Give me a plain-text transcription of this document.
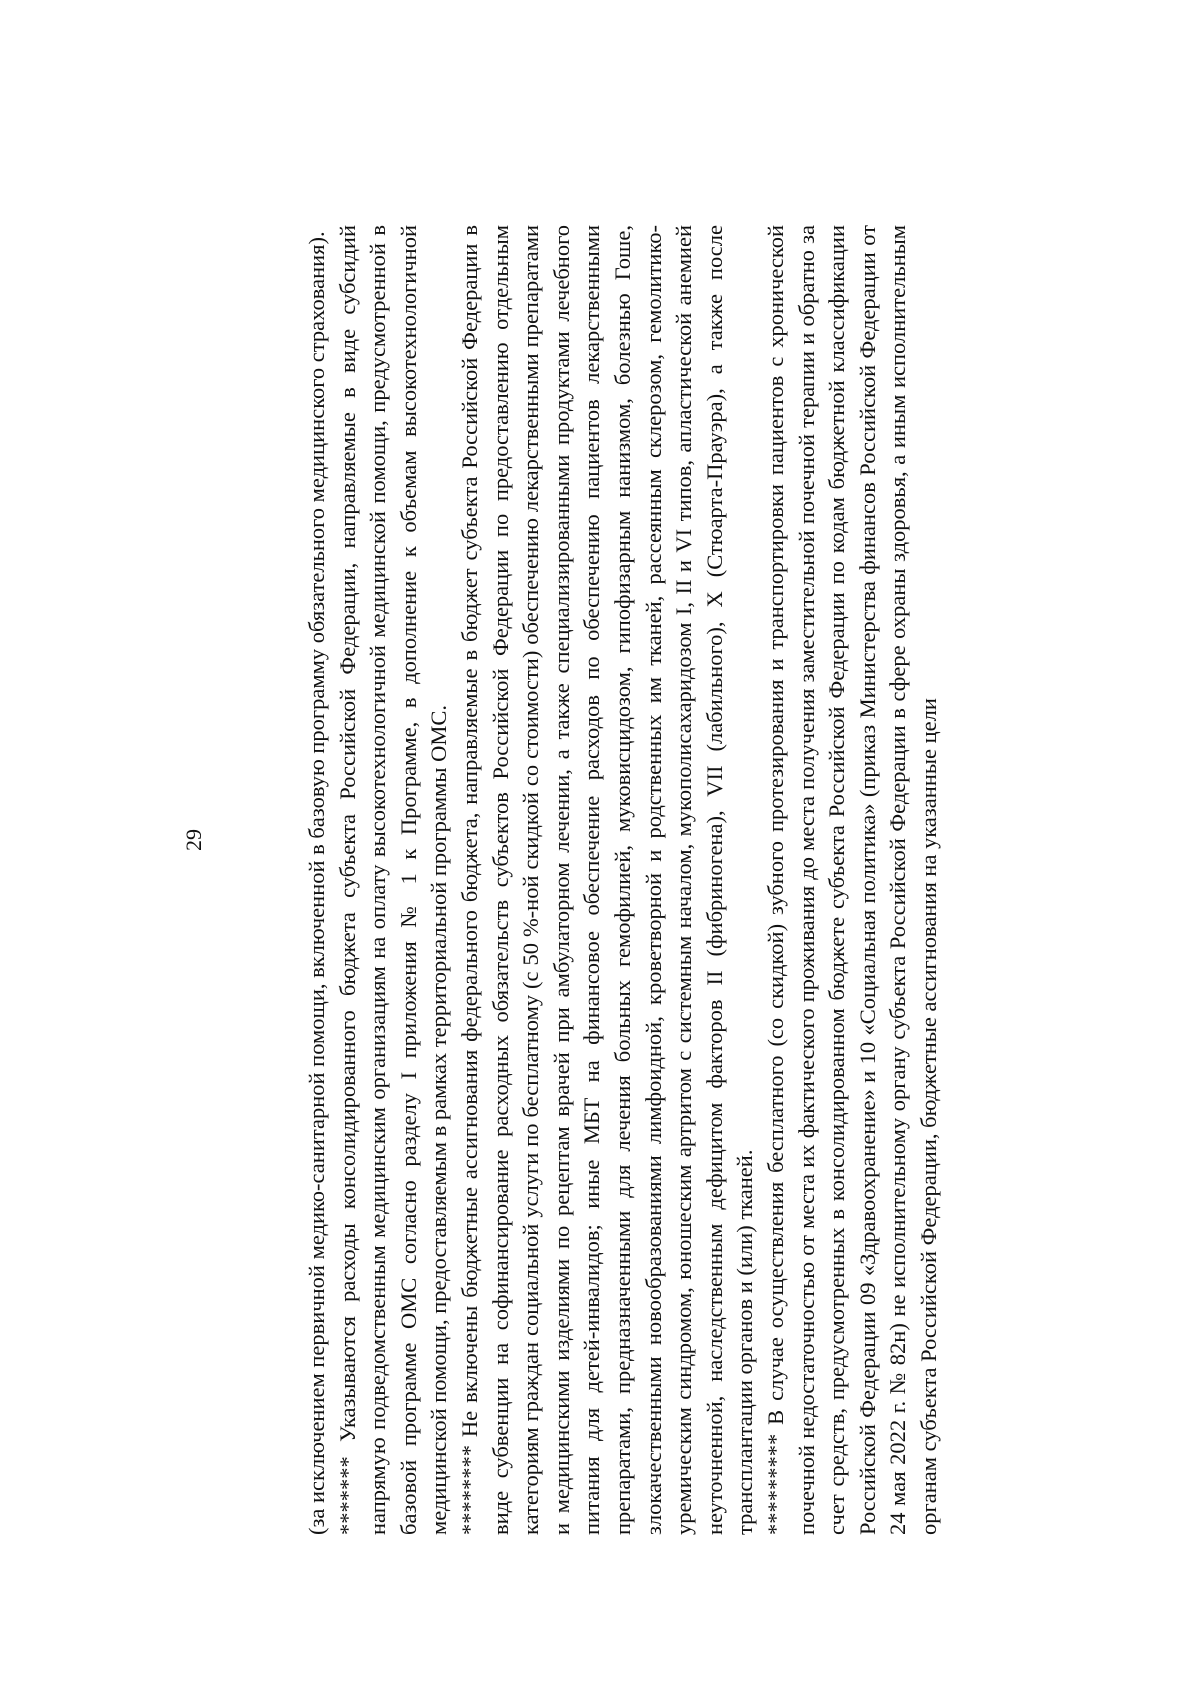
29	(за исключением первичной медико-санитарной помощи, включенной в базовую программу обязательного медицинского страхования). ******* Указываются расходы консолидированного бюджета субъекта Российской Федерации, направляемые в виде субсидий напрямую подведомственным медицинским организациям на оплату высокотехнологичной медицинской помощи, предусмотренной в базовой программе ОМС согласно разделу I приложения № 1 к Программе, в дополнение к объемам высокотехнологичной медицинской помощи, предоставляемым в рамках территориальной программы ОМС. ******** Не включены бюджетные ассигнования федерального бюджета, направляемые в бюджет субъекта Российской Федерации в виде субвенции на софинансирование расходных обязательств субъектов Российской Федерации по предоставлению отдельным категориям граждан социальной услуги по бесплатному (с 50 %-ной скидкой со стоимости) обеспечению лекарственными препаратами и медицинскими изделиями по рецептам врачей при амбулаторном лечении, а также специализированными продуктами лечебного питания для детей-инвалидов; иные МБТ на финансовое обеспечение расходов по обеспечению пациентов лекарственными препаратами, предназначенными для лечения больных гемофилией, муковисцидозом, гипофизарным нанизмом, болезнью Гоше, злокачественными новообразованиями лимфоидной, кроветворной и родственных им тканей, рассеянным склерозом, гемолитико-уремическим синдромом, юношеским артритом с системным началом, мукополисахаридозом I, II и VI типов, апластической анемией неуточненной, наследственным дефицитом факторов II (фибриногена), VII (лабильного), X (Стюарта-Прауэра), а также после трансплантации органов и (или) тканей. ********* В случае осуществления бесплатного (со скидкой) зубного протезирования и транспортировки пациентов с хронической почечной недостаточностью от места их фактического проживания до места получения заместительной почечной терапии и обратно за счет средств, предусмотренных в консолидированном бюджете субъекта Российской Федерации по кодам бюджетной классификации Российской Федерации 09 «Здравоохранение» и 10 «Социальная политика» (приказ Министерства финансов Российской Федерации от 24 мая 2022 г. № 82н) не исполнительному органу субъекта Российской Федерации в сфере охраны здоровья, а иным исполнительным органам субъекта Российской Федерации, бюджетные ассигнования на указанные цели
